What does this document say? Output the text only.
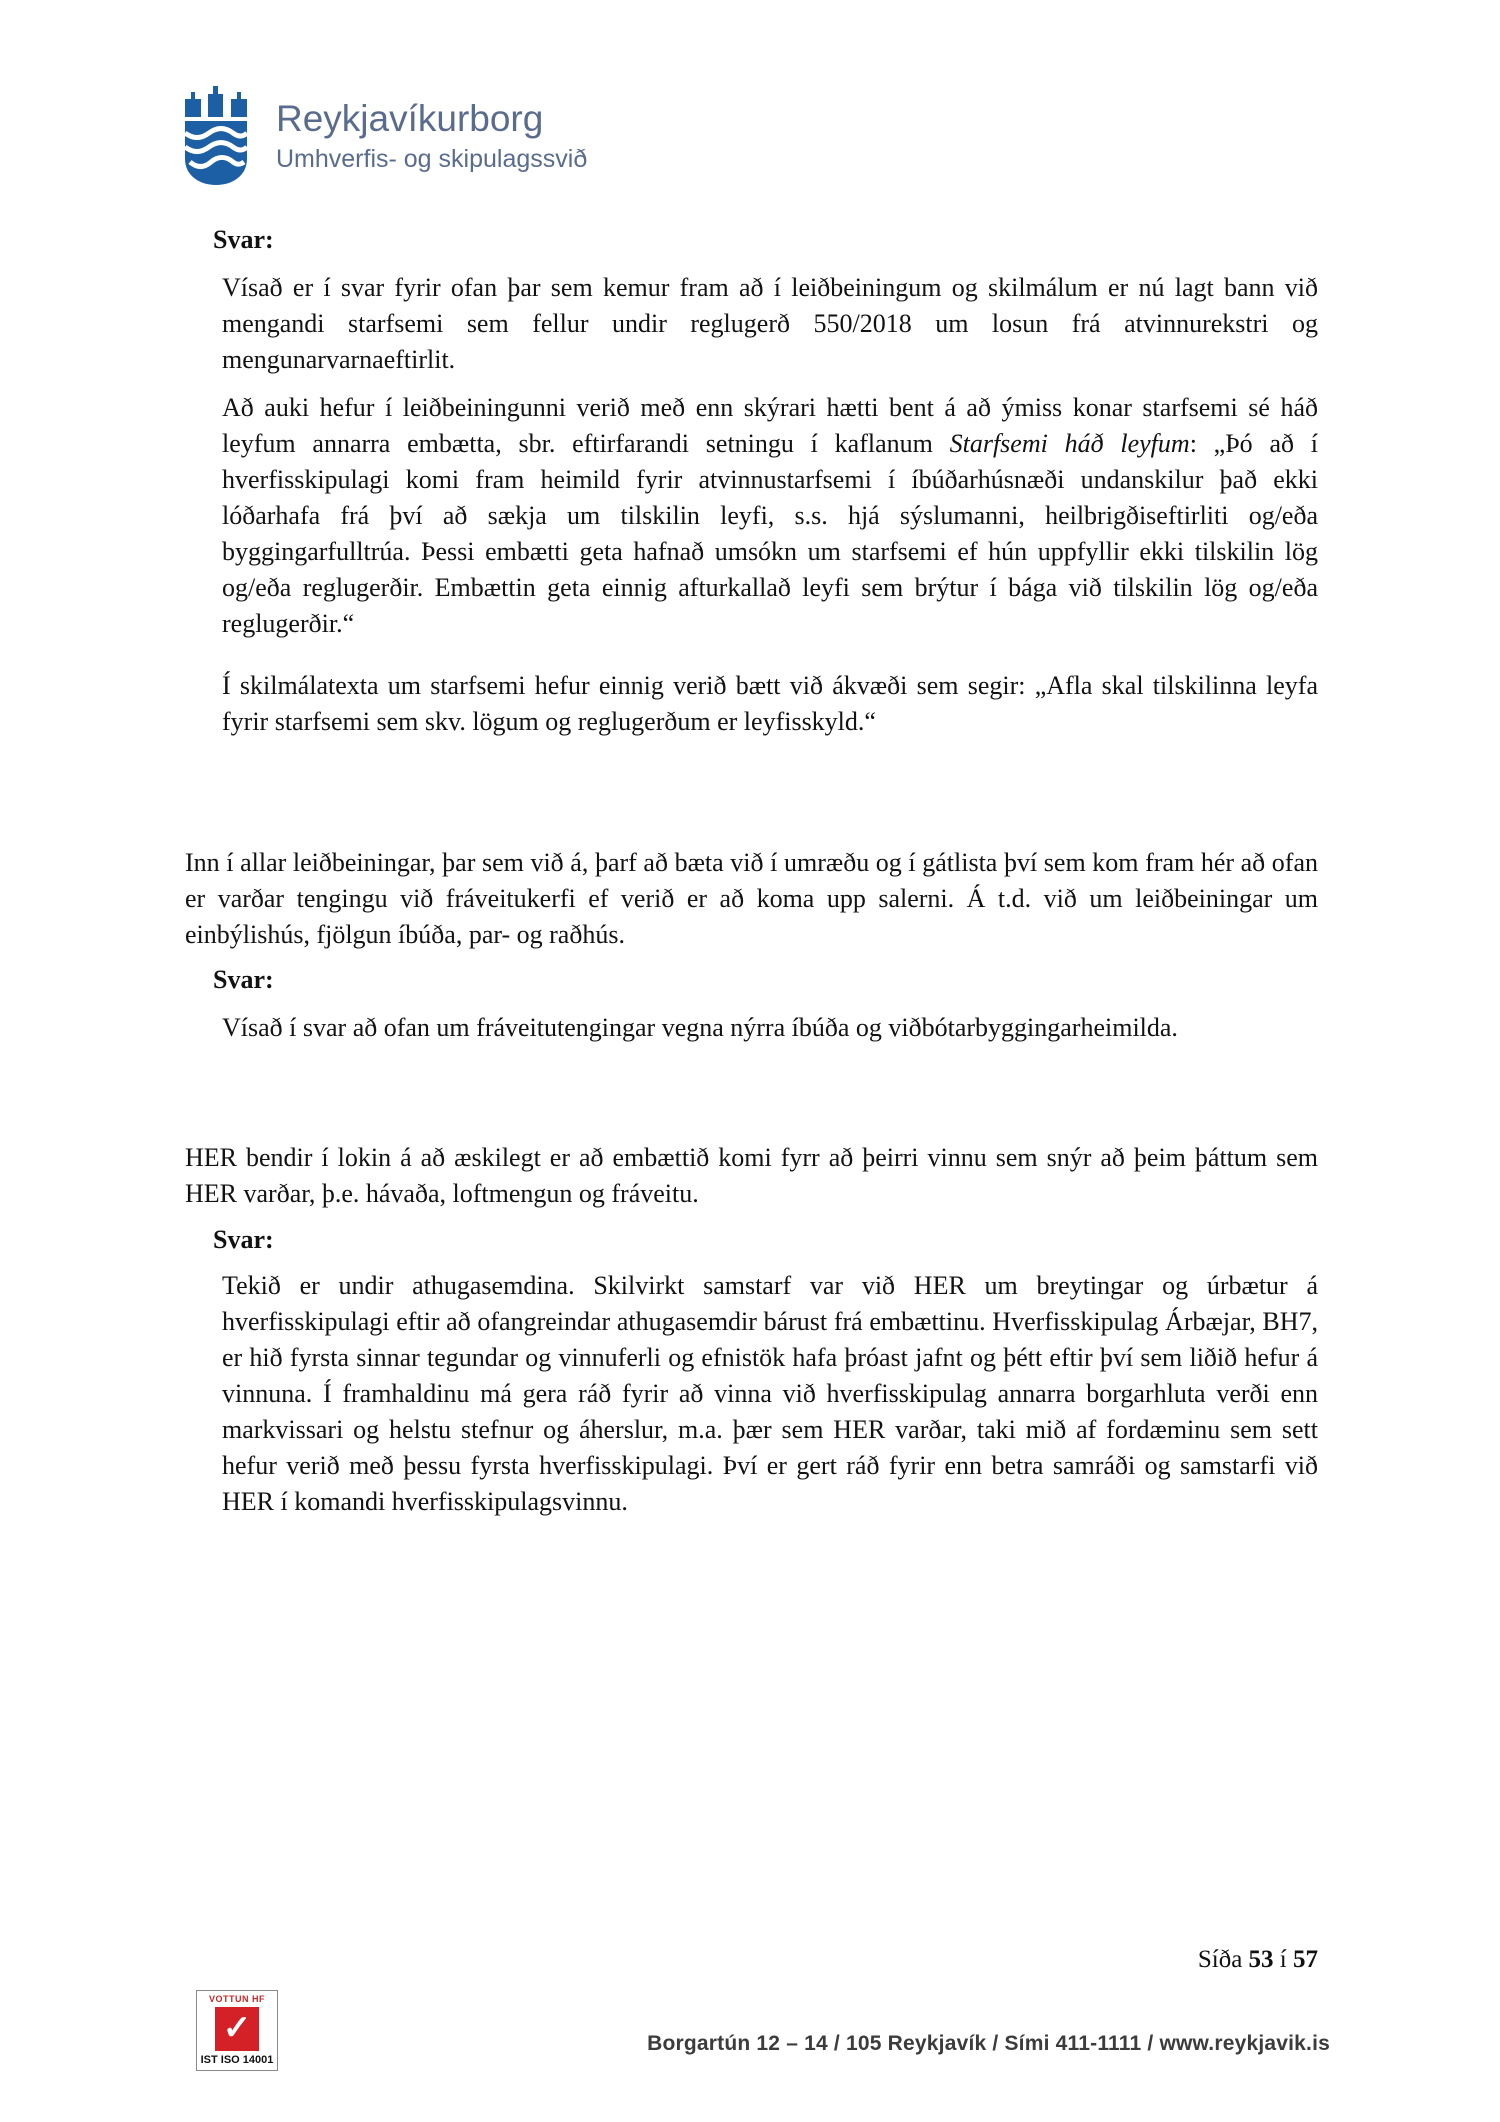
Reykjavíkurborg
Umhverfis- og skipulagssvið
Svar:

Vísað er í svar fyrir ofan þar sem kemur fram að í leiðbeiningum og skilmálum er nú lagt bann við mengandi starfsemi sem fellur undir reglugerð 550/2018 um losun frá atvinnurekstri og mengunarvarnaeftirlit.

Að auki hefur í leiðbeiningunni verið með enn skýrari hætti bent á að ýmiss konar starfsemi sé háð leyfum annarra embætta, sbr. eftirfarandi setningu í kaflanum Starfsemi háð leyfum: „Þó að í hverfisskipulagi komi fram heimild fyrir atvinnustarfsemi í íbúðarhúsnæði undanskilur það ekki lóðarhafa frá því að sækja um tilskilin leyfi, s.s. hjá sýslumanni, heilbrigðiseftirliti og/eða byggingarfulltrúa. Þessi embætti geta hafnað umsókn um starfsemi ef hún uppfyllir ekki tilskilin lög og/eða reglugerðir. Embættin geta einnig afturkallað leyfi sem brýtur í bága við tilskilin lög og/eða reglugerðir.“

Í skilmálatexta um starfsemi hefur einnig verið bætt við ákvæði sem segir: „Afla skal tilskilinna leyfa fyrir starfsemi sem skv. lögum og reglugerðum er leyfisskyld.“

Inn í allar leiðbeiningar, þar sem við á, þarf að bæta við í umræðu og í gátlista því sem kom fram hér að ofan er varðar tengingu við fráveitukerfi ef verið er að koma upp salerni. Á t.d. við um leiðbeiningar um einbýlishús, fjölgun íbúða, par- og raðhús.

Svar:

Vísað í svar að ofan um fráveitutengingar vegna nýrra íbúða og viðbótarbyggingarheimilda.

HER bendir í lokin á að æskilegt er að embættið komi fyrr að þeirri vinnu sem snýr að þeim þáttum sem HER varðar, þ.e. hávaða, loftmengun og fráveitu.

Svar:

Tekið er undir athugasemdina. Skilvirkt samstarf var við HER um breytingar og úrbætur á hverfisskipulagi eftir að ofangreindar athugasemdir bárust frá embættinu. Hverfisskipulag Árbæjar, BH7, er hið fyrsta sinnar tegundar og vinnuferli og efnistök hafa þróast jafnt og þétt eftir því sem liðið hefur á vinnuna. Í framhaldinu má gera ráð fyrir að vinna við hverfisskipulag annarra borgarhluta verði enn markvissari og helstu stefnur og áherslur, m.a. þær sem HER varðar, taki mið af fordæminu sem sett hefur verið með þessu fyrsta hverfisskipulagi. Því er gert ráð fyrir enn betra samráði og samstarfi við HER í komandi hverfisskipulagsvinnu.

Síða 53 í 57
VOTTUN HF
✓
IST ISO 14001
Borgartún 12 – 14 / 105 Reykjavík / Sími 411-1111 / www.reykjavik.is
